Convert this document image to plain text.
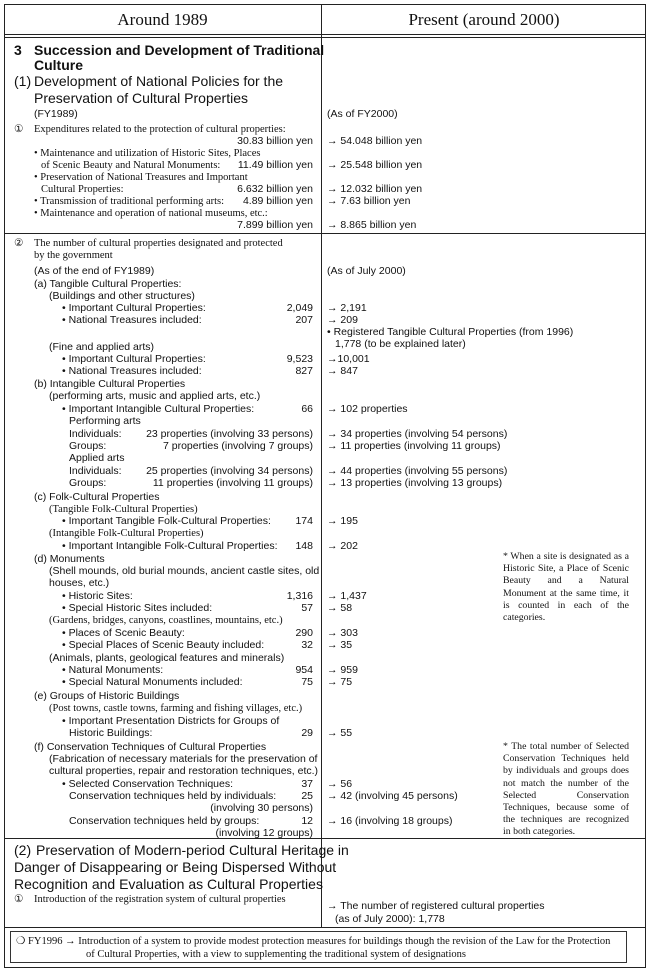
Around 1989	Present (around 2000)
3 Succession and Development of Traditional
Culture
(1) Development of National Policies for the
Preservation of Cultural Properties
(FY1989)	(As of FY2000)
① Expenditures related to the protection of cultural properties:
30.83 billion yen → 54.048 billion yen
• Maintenance and utilization of Historic Sites, Places
of Scenic Beauty and Natural Monuments: 11.49 billion yen → 25.548 billion yen
• Preservation of National Treasures and Important
Cultural Properties:	6.632 billion yen → 12.032 billion yen
• Transmission of traditional performing arts: 4.89 billion yen → 7.63 billion yen
• Maintenance and operation of national museums, etc.:
7.899 billion yen → 8.865 billion yen
② The number of cultural properties designated and protected
by the government
(As of the end of FY1989)	(As of July 2000)
(a) Tangible Cultural Properties:
(Buildings and other structures)
• Important Cultural Properties:	2,049 → 2,191
• National Treasures included:	207 → 209
• Registered Tangible Cultural Properties (from 1996)
1,778 (to be explained later)
(Fine and applied arts)
• Important Cultural Properties:	9,523 →10,001
• National Treasures included:	827 → 847
(b) Intangible Cultural Properties
(performing arts, music and applied arts, etc.)
• Important Intangible Cultural Properties:	66 → 102 properties
Performing arts
Individuals: 23 properties (involving 33 persons) → 34 properties (involving 54 persons)
Groups:	7 properties (involving 7 groups) → 11 properties (involving 11 groups)
Applied arts
Individuals: 25 properties (involving 34 persons) → 44 properties (involving 55 persons)
Groups:	11 properties (involving 11 groups) → 13 properties (involving 13 groups)
(c) Folk-Cultural Properties
(Tangible Folk-Cultural Properties)
• Important Tangible Folk-Cultural Properties: 174 → 195
(Intangible Folk-Cultural Properties)
• Important Intangible Folk-Cultural Properties: 148 → 202
(d) Monuments
(Shell mounds, old burial mounds, ancient castle sites, old
houses, etc.)
• Historic Sites:	1,316 → 1,437
• Special Historic Sites included:	57 → 58
(Gardens, bridges, canyons, coastlines, mountains, etc.)
• Places of Scenic Beauty:	290 → 303
• Special Places of Scenic Beauty included:	32 → 35
(Animals, plants, geological features and minerals)
• Natural Monuments:	954 → 959
• Special Natural Monuments included:	75 → 75
(e) Groups of Historic Buildings
(Post towns, castle towns, farming and fishing villages, etc.)
• Important Presentation Districts for Groups of
Historic Buildings:	29 → 55
(f) Conservation Techniques of Cultural Properties
(Fabrication of necessary materials for the preservation of
cultural properties, repair and restoration techniques, etc.)
• Selected Conservation Techniques:	37 → 56
Conservation techniques held by individuals: 25
(involving 30 persons)
→ 42 (involving 45 persons)
Conservation techniques held by groups:	12
(involving 12 groups)
→ 16 (involving 18 groups)
* When a site is designated as a Historic Site, a Place of Scenic Beauty and a Natural Monument at the same time, it is counted in each of the categories.
* The total number of Selected Conservation Techniques held by individuals and groups does not match the number of the Selected Conservation Techniques, because some of the techniques are recognized in both categories.
(2) Preservation of Modern-period Cultural Heritage in
Danger of Disappearing or Being Dispersed Without
Recognition and Evaluation as Cultural Properties
① Introduction of the registration system of cultural properties
→ The number of registered cultural properties
(as of July 2000): 1,778
❍ FY1996 → Introduction of a system to provide modest protection measures for buildings though the revision of the Law for the Protection
of Cultural Properties, with a view to supplementing the traditional system of designations
